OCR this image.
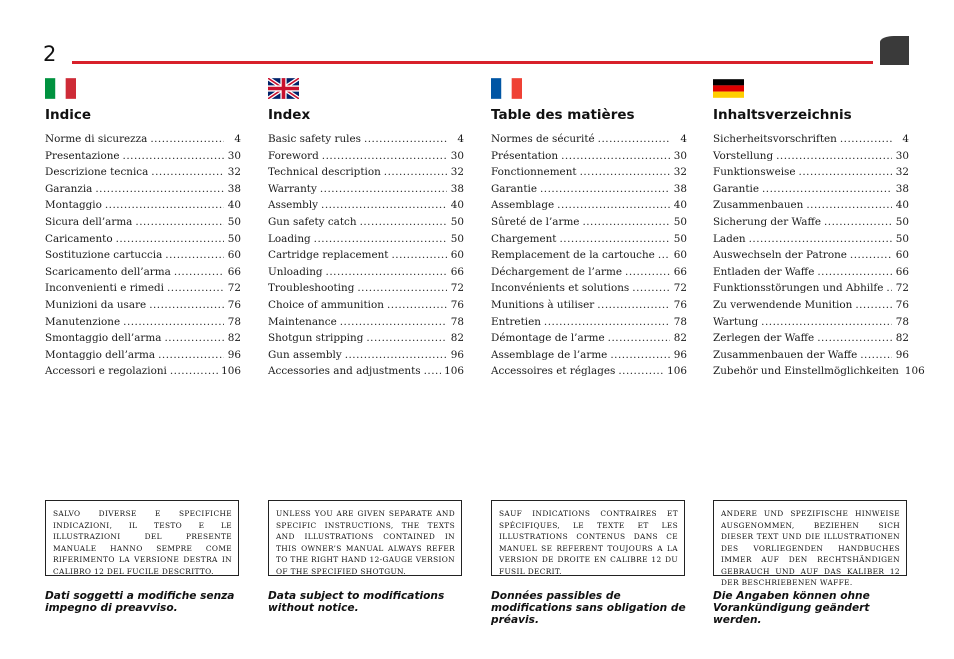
2
Indice
Norme di sicurezza .....	4
Presentazione .....	30
Descrizione tecnica .....	32
Garanzia .....	38
Montaggio .....	40
Sicura dell’arma .....	50
Caricamento .....	50
Sostituzione cartuccia .....	60
Scaricamento dell’arma .....	66
Inconvenienti e rimedi .....	72
Munizioni da usare .....	76
Manutenzione .....	78
Smontaggio dell’arma .....	82
Montaggio dell’arma .....	96
Accessori e regolazioni .....	106
Index
Basic safety rules .....	4
Foreword .....	30
Technical description .....	32
Warranty .....	38
Assembly .....	40
Gun safety catch .....	50
Loading .....	50
Cartridge replacement .....	60
Unloading .....	66
Troubleshooting .....	72
Choice of ammunition .....	76
Maintenance .....	78
Shotgun stripping .....	82
Gun assembly .....	96
Accessories and adjustments ..... 106
Table des matières
Normes de sécurité .....	4
Présentation .....	30
Fonctionnement .....	32
Garantie .....	38
Assemblage .....	40
Sûreté de l’arme .....	50
Chargement .....	50
Remplacement de la cartouche ..... 60
Déchargement de l’arme .....	66
Inconvénients et solutions .....	72
Munitions à utiliser .....	76
Entretien .....	78
Démontage de l’arme .....	82
Assemblage de l’arme .....	96
Accessoires et réglages .....	106
Inhaltsverzeichnis
Sicherheitsvorschriften .....	4
Vorstellung .....	30
Funktionsweise .....	32
Garantie .....	38
Zusammenbauen .....	40
Sicherung der Waffe .....	50
Laden .....	50
Auswechseln der Patrone .....	60
Entladen der Waffe .....	66
Funktionsstörungen und Abhilfe ..... 72
Zu verwendende Munition .....	76
Wartung .....	78
Zerlegen der Waffe .....	82
Zusammenbauen der Waffe .....	96
Zubehör und Einstellmöglichkeiten 106
SALVO DIVERSE E SPECIFICHE INDICAZIONI, IL TESTO E LE ILLUSTRAZIONI DEL PRESENTE MANUALE HANNO SEMPRE COME RIFERIMENTO LA VERSIONE DESTRA IN CALIBRO 12 DEL FUCILE DESCRITTO.
UNLESS YOU ARE GIVEN SEPARATE AND SPECIFIC INSTRUCTIONS, THE TEXTS AND ILLUSTRATIONS CONTAINED IN THIS OWNER’S MANUAL ALWAYS REFER TO THE RIGHT HAND 12-GAUGE VERSION OF THE SPECIFIED SHOTGUN.
SAUF INDICATIONS CONTRAIRES ET SPÉCIFIQUES, LE TEXTE ET LES ILLUSTRATIONS CONTENUS DANS CE MANUEL SE REFERENT TOUJOURS A LA VERSION DE DROITE EN CALIBRE 12 DU FUSIL DECRIT.
ANDERE UND SPEZIFISCHE HINWEISE AUSGENOMMEN, BEZIEHEN SICH DIESER TEXT UND DIE ILLUSTRATIONEN DES VORLIEGENDEN HANDBUCHES IMMER AUF DEN RECHTSHÄNDIGEN GEBRAUCH UND AUF DAS KALIBER 12 DER BESCHRIEBENEN WAFFE.
Dati soggetti a modifiche senza impegno di preavviso.
Data subject to modifications without notice.
Données passibles de modifications sans obligation de préavis.
Die Angaben können ohne Vorankündigung geändert werden.
